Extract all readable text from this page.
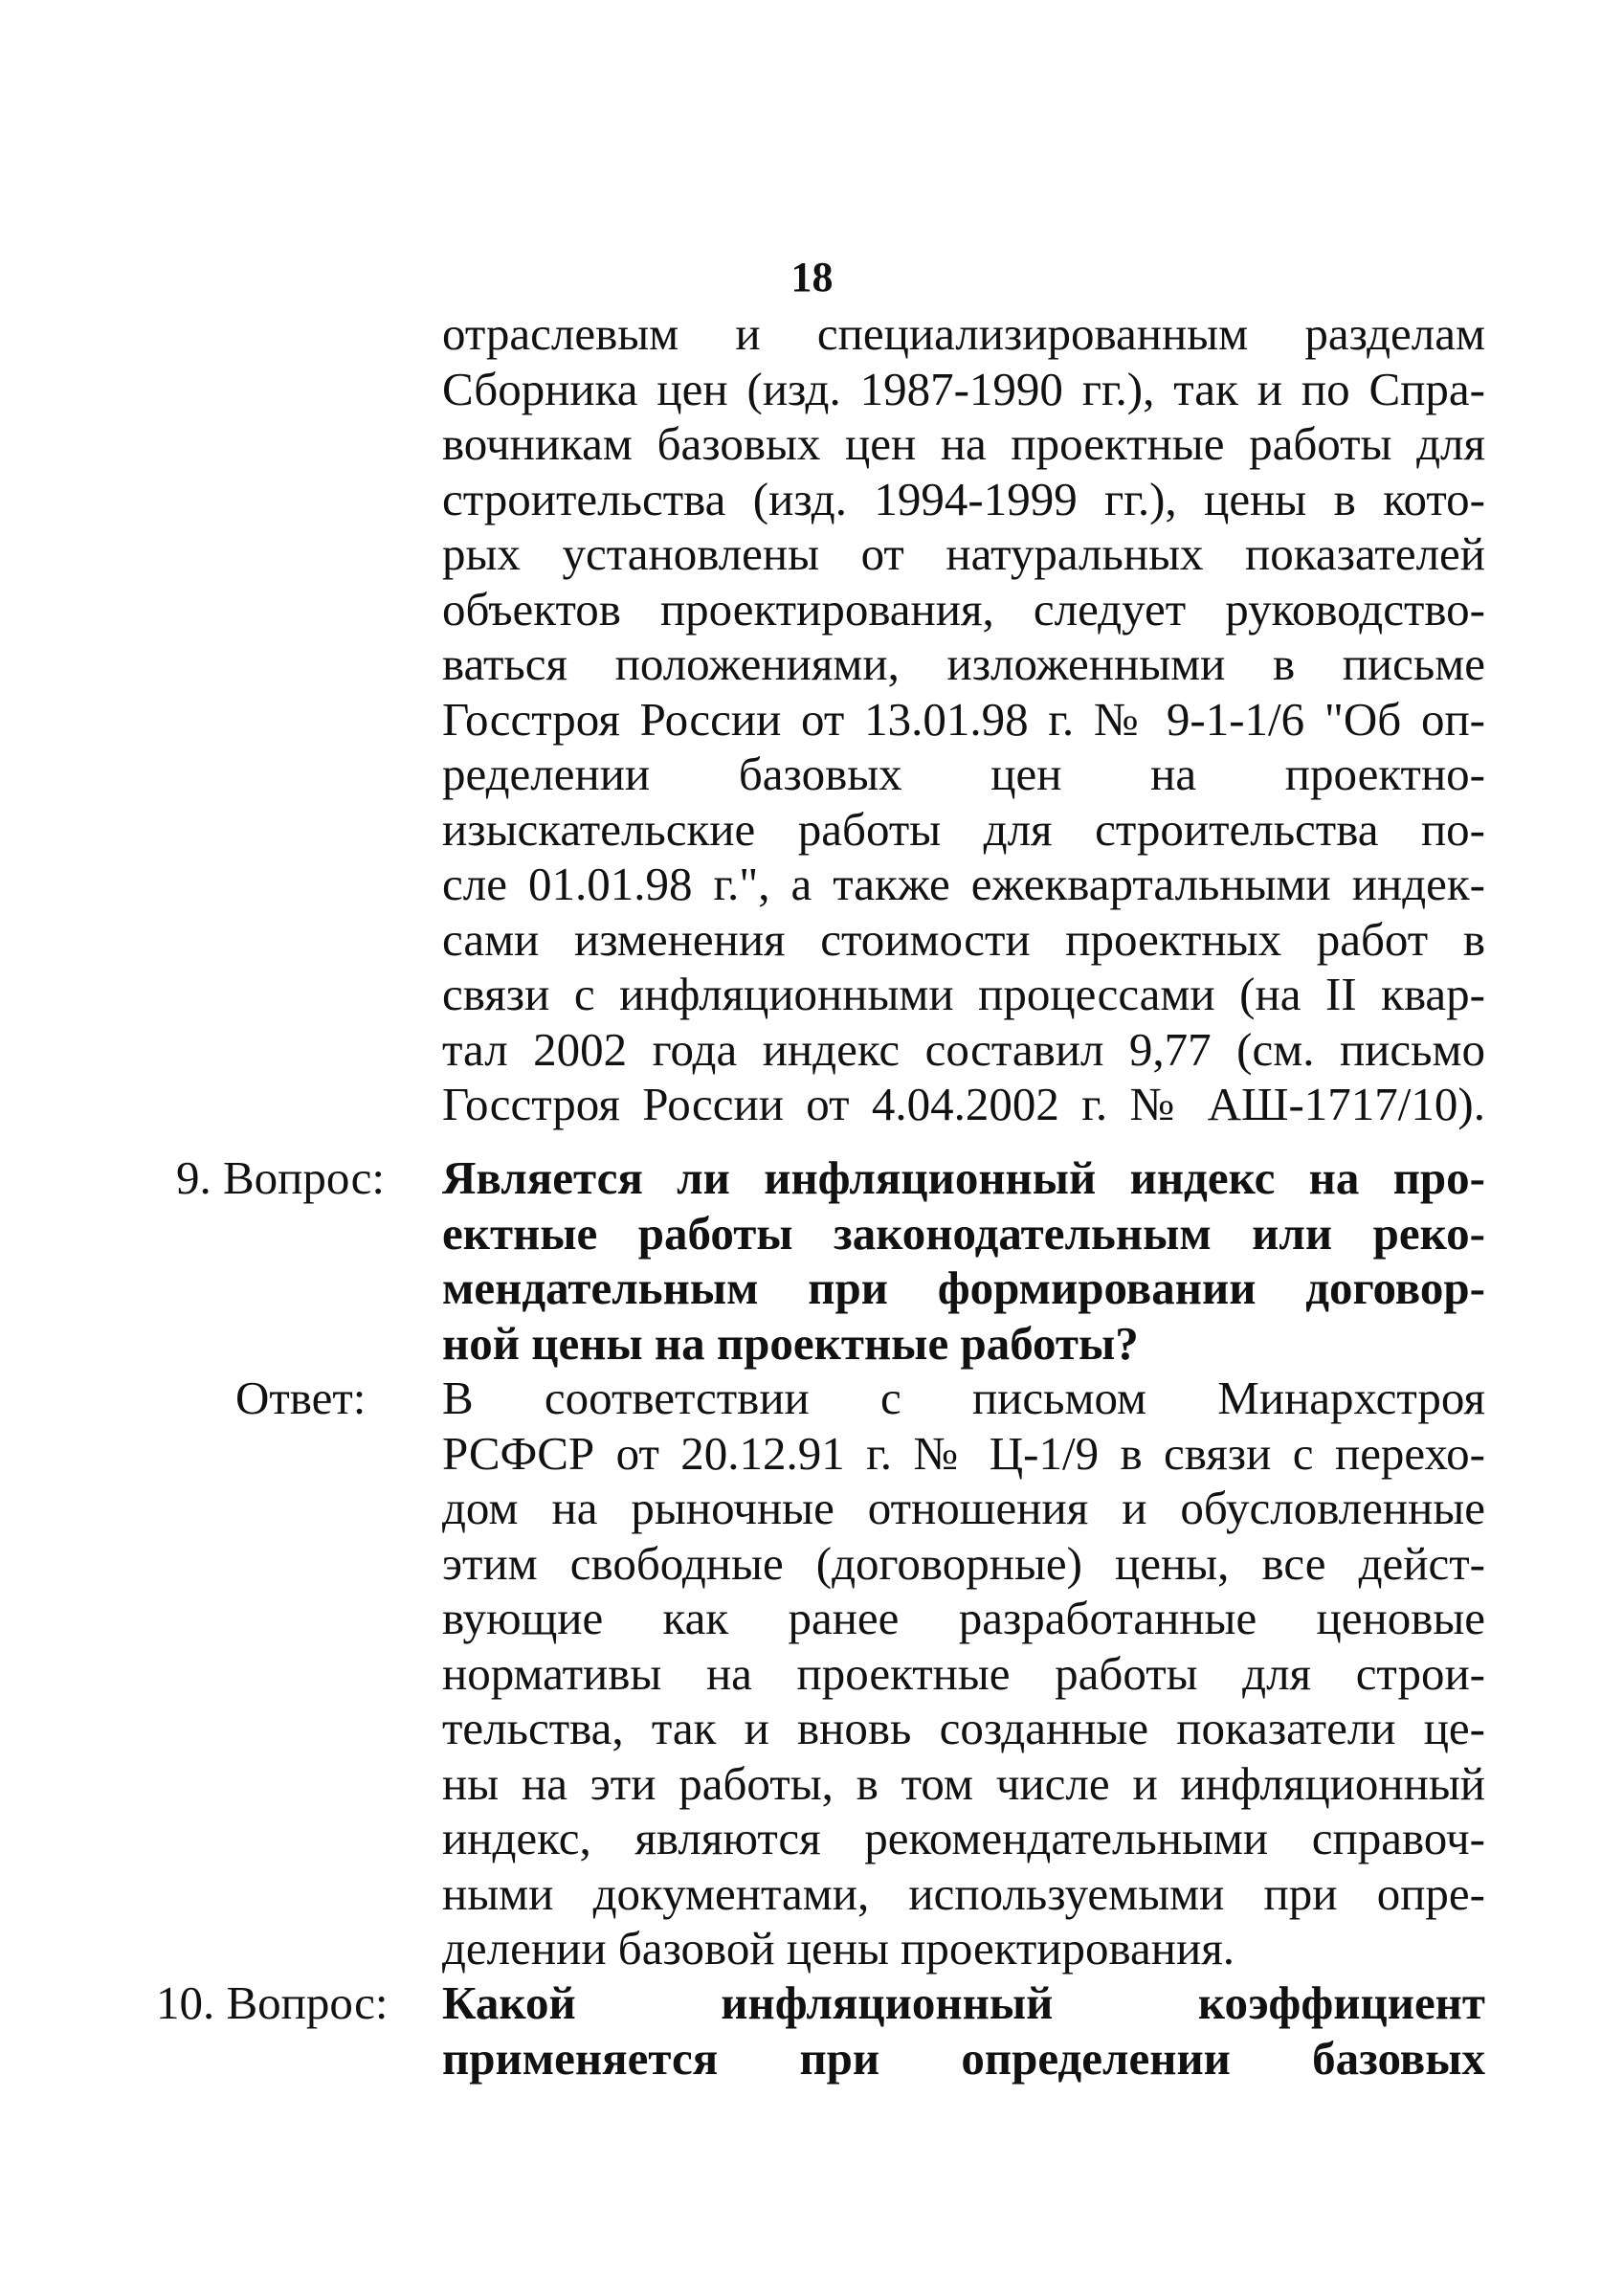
18
отраслевым и специализированным разделам
Сборника цен (изд. 1987-1990 гг.), так и по Спра-
вочникам базовых цен на проектные работы для
строительства (изд. 1994-1999 гг.), цены в кото-
рых установлены от натуральных показателей
объектов проектирования, следует руководство-
ваться положениями, изложенными в письме
Госстроя России от 13.01.98 г. № 9-1-1/6 "Об оп-
ределении базовых цен на проектно-
изыскательские работы для строительства по-
сле 01.01.98 г.", а также ежеквартальными индек-
сами изменения стоимости проектных работ в
связи с инфляционными процессами (на II квар-
тал 2002 года индекс составил 9,77 (см. письмо
Госстроя России от 4.04.2002 г. № АШ-1717/10).
9. Вопрос: Является ли инфляционный индекс на про-
ектные работы законодательным или реко-
мендательным при формировании договор-
ной цены на проектные работы?
Ответ: В соответствии с письмом Минархстроя
РСФСР от 20.12.91 г. № Ц-1/9 в связи с перехо-
дом на рыночные отношения и обусловленные
этим свободные (договорные) цены, все дейст-
вующие как ранее разработанные ценовые
нормативы на проектные работы для строи-
тельства, так и вновь созданные показатели це-
ны на эти работы, в том числе и инфляционный
индекс, являются рекомендательными справоч-
ными документами, используемыми при опре-
делении базовой цены проектирования.
10. Вопрос: Какой инфляционный коэффициент
применяется при определении базовых
